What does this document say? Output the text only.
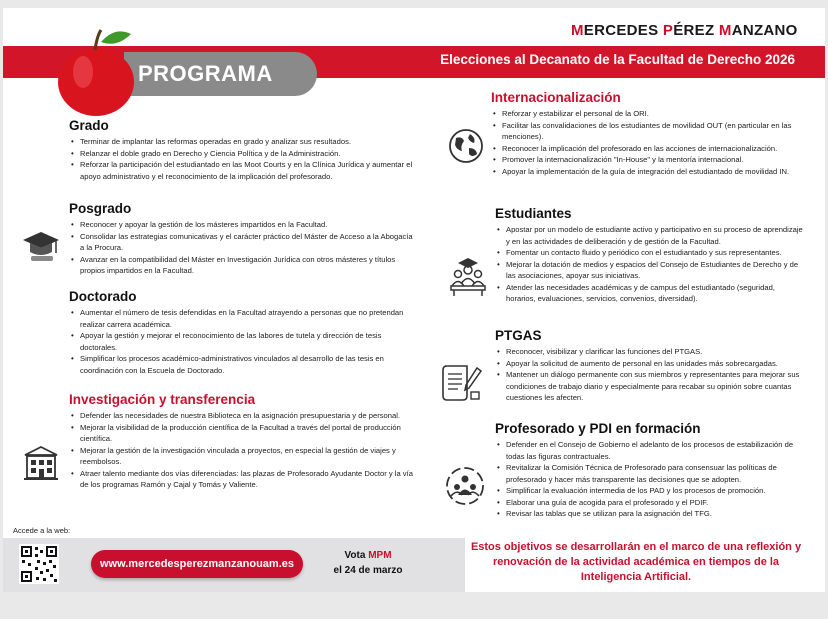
MERCEDES PÉREZ MANZANO
Elecciones al Decanato de la Facultad de Derecho 2026
PROGRAMA
Grado
• Terminar de implantar las reformas operadas en grado y analizar sus resultados.
• Relanzar el doble grado en Derecho y Ciencia Política y de la Administración.
• Reforzar la participación del estudiantado en las Moot Courts y en la Clínica Jurídica y aumentar el apoyo administrativo y el reconocimiento de la implicación del profesorado.
Posgrado
• Reconocer y apoyar la gestión de los másteres impartidos en la Facultad.
• Consolidar las estrategias comunicativas y el carácter práctico del Máster de Acceso a la Abogacía a la Procura.
• Avanzar en la compatibilidad del Máster en Investigación Jurídica con otros másteres y títulos propios impartidos en la Facultad.
Doctorado
• Aumentar el número de tesis defendidas en la Facultad atrayendo a personas que no pretendan realizar carrera académica.
• Apoyar la gestión y mejorar el reconocimiento de las labores de tutela y dirección de tesis doctorales.
• Simplificar los procesos académico-administrativos vinculados al desarrollo de las tesis en coordinación con la Escuela de Doctorado.
Investigación y transferencia
• Defender las necesidades de nuestra Biblioteca en la asignación presupuestaria y de personal.
• Mejorar la visibilidad de la producción científica de la Facultad a través del portal de producción científica.
• Mejorar la gestión de la investigación vinculada a proyectos, en especial la gestión de viajes y reembolsos.
• Atraer talento mediante dos vías diferenciadas: las plazas de Profesorado Ayudante Doctor y la vía de los programas Ramón y Cajal y Tomás y Valiente.
Internacionalización
• Reforzar y estabilizar el personal de la ORI.
• Facilitar las convalidaciones de los estudiantes de movilidad OUT (en particular en las menciones).
• Reconocer la implicación del profesorado en las acciones de internacionalización.
• Promover la internacionalización "In-House" y la mentoría internacional.
• Apoyar la implementación de la guía de integración del estudiantado de movilidad IN.
Estudiantes
• Apostar por un modelo de estudiante activo y participativo en su proceso de aprendizaje y en las actividades de deliberación y de gestión de la Facultad.
• Fomentar un contacto fluido y periódico con el estudiantado y sus representantes.
• Mejorar la dotación de medios y espacios del Consejo de Estudiantes de Derecho y de las asociaciones, apoyar sus iniciativas.
• Atender las necesidades académicas y de campus del estudiantado (seguridad, horarios, evaluaciones, servicios, convenios, diversidad).
PTGAS
• Reconocer, visibilizar y clarificar las funciones del PTGAS.
• Apoyar la solicitud de aumento de personal en las unidades más sobrecargadas.
• Mantener un diálogo permanente con sus miembros y representantes para mejorar sus condiciones de trabajo diario y especialmente para recabar su opinión sobre cuantas cuestiones les afecten.
Profesorado y PDI en formación
• Defender en el Consejo de Gobierno el adelanto de los procesos de estabilización de todas las figuras contractuales.
• Revitalizar la Comisión Técnica de Profesorado para consensuar las políticas de profesorado y hacer más transparente las decisiones que se adopten.
• Simplificar la evaluación intermedia de los PAD y los procesos de promoción.
• Elaborar una guía de acogida para el profesorado y el PDIF.
• Revisar las tablas que se utilizan para la asignación del TFG.
Accede a la web:
www.mercedesperezmanzanouam.es
Vota MPM
el 24 de marzo
Estos objetivos se desarrollarán en el marco de una reflexión y renovación de la actividad académica en tiempos de la Inteligencia Artificial.
